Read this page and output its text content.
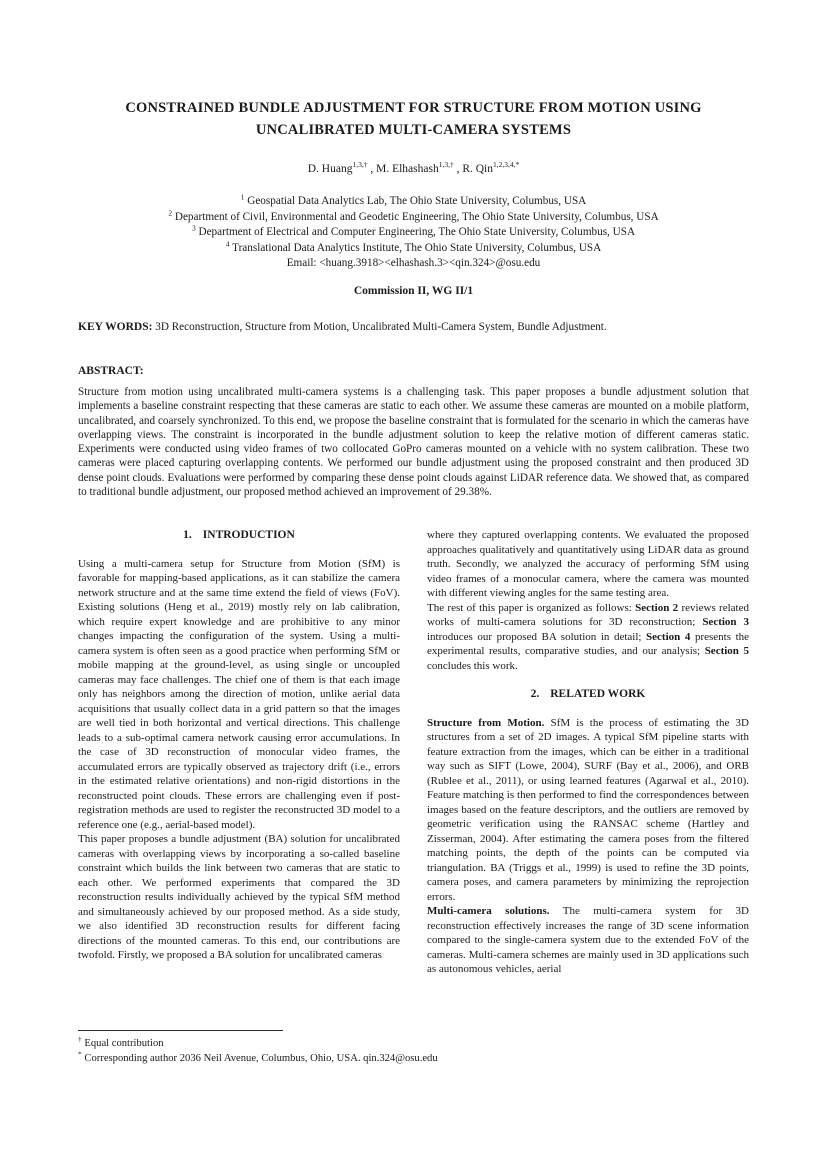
CONSTRAINED BUNDLE ADJUSTMENT FOR STRUCTURE FROM MOTION USING
UNCALIBRATED MULTI-CAMERA SYSTEMS
D. Huang$^{1,3,\dagger}$ , M. Elhashash$^{1,3,\dagger}$ , R. Qin$^{1,2,3,4,*}$
$^1$ Geospatial Data Analytics Lab, The Ohio State University, Columbus, USA
$^2$ Department of Civil, Environmental and Geodetic Engineering, The Ohio State University, Columbus, USA
$^3$ Department of Electrical and Computer Engineering, The Ohio State University, Columbus, USA
$^4$ Translational Data Analytics Institute, The Ohio State University, Columbus, USA
Email: <huang.3918><elhashash.3><qin.324>@osu.edu
Commission II, WG II/1
KEY WORDS: 3D Reconstruction, Structure from Motion, Uncalibrated Multi-Camera System, Bundle Adjustment.
ABSTRACT:
Structure from motion using uncalibrated multi-camera systems is a challenging task. This paper proposes a bundle adjustment solution that implements a baseline constraint respecting that these cameras are static to each other. We assume these cameras are mounted on a mobile platform, uncalibrated, and coarsely synchronized. To this end, we propose the baseline constraint that is formulated for the scenario in which the cameras have overlapping views. The constraint is incorporated in the bundle adjustment solution to keep the relative motion of different cameras static. Experiments were conducted using video frames of two collocated GoPro cameras mounted on a vehicle with no system calibration. These two cameras were placed capturing overlapping contents. We performed our bundle adjustment using the proposed constraint and then produced 3D dense point clouds. Evaluations were performed by comparing these dense point clouds against LiDAR reference data. We showed that, as compared to traditional bundle adjustment, our proposed method achieved an improvement of 29.38%.
1. INTRODUCTION

Using a multi-camera setup for Structure from Motion (SfM) is favorable for mapping-based applications, as it can stabilize the camera network structure and at the same time extend the field of views (FoV). Existing solutions (Heng et al., 2019) mostly rely on lab calibration, which require expert knowledge and are prohibitive to any minor changes impacting the configuration of the system. Using a multi-camera system is often seen as a good practice when performing SfM or mobile mapping at the ground-level, as using single or uncoupled cameras may face challenges. The chief one of them is that each image only has neighbors among the direction of motion, unlike aerial data acquisitions that usually collect data in a grid pattern so that the images are well tied in both horizontal and vertical directions. This challenge leads to a sub-optimal camera network causing error accumulations. In the case of 3D reconstruction of monocular video frames, the accumulated errors are typically observed as trajectory drift (i.e., errors in the estimated relative orientations) and non-rigid distortions in the reconstructed point clouds. These errors are challenging even if post-registration methods are used to register the reconstructed 3D model to a reference one (e.g., aerial-based model).

This paper proposes a bundle adjustment (BA) solution for uncalibrated cameras with overlapping views by incorporating a so-called baseline constraint which builds the link between two cameras that are static to each other. We performed experiments that compared the 3D reconstruction results individually achieved by the typical SfM method and simultaneously achieved by our proposed method. As a side study, we also identified 3D reconstruction results for different facing directions of the mounted cameras. To this end, our contributions are twofold. Firstly, we proposed a BA solution for uncalibrated cameras

where they captured overlapping contents. We evaluated the proposed approaches qualitatively and quantitatively using LiDAR data as ground truth. Secondly, we analyzed the accuracy of performing SfM using video frames of a monocular camera, where the camera was mounted with different viewing angles for the same testing area.

The rest of this paper is organized as follows: Section 2 reviews related works of multi-camera solutions for 3D reconstruction; Section 3 introduces our proposed BA solution in detail; Section 4 presents the experimental results, comparative studies, and our analysis; Section 5 concludes this work.

2. RELATED WORK

Structure from Motion. SfM is the process of estimating the 3D structures from a set of 2D images. A typical SfM pipeline starts with feature extraction from the images, which can be either in a traditional way such as SIFT (Lowe, 2004), SURF (Bay et al., 2006), and ORB (Rublee et al., 2011), or using learned features (Agarwal et al., 2010). Feature matching is then performed to find the correspondences between images based on the feature descriptors, and the outliers are removed by geometric verification using the RANSAC scheme (Hartley and Zisserman, 2004). After estimating the camera poses from the filtered matching points, the depth of the points can be computed via triangulation. BA (Triggs et al., 1999) is used to refine the 3D points, camera poses, and camera parameters by minimizing the reprojection errors.

Multi-camera solutions. The multi-camera system for 3D reconstruction effectively increases the range of 3D scene information compared to the single-camera system due to the extended FoV of the cameras. Multi-camera schemes are mainly used in 3D applications such as autonomous vehicles, aerial

† Equal contribution
* Corresponding author 2036 Neil Avenue, Columbus, Ohio, USA. qin.324@osu.edu
